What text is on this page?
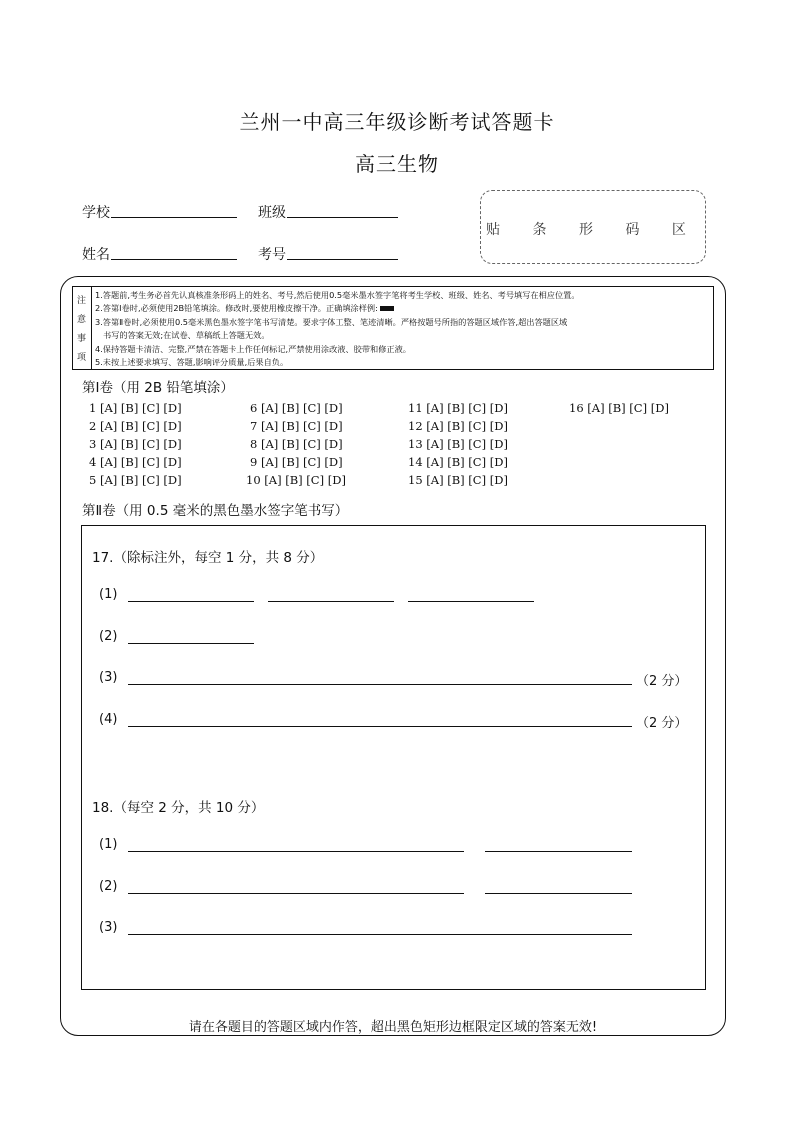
兰州一中高三年级诊断考试答题卡
高三生物
学校	班级
姓名	考号
贴 条 形 码 区
注
意
事
项
1.答题前,考生务必首先认真核准条形码上的姓名、考号,然后使用0.5毫米墨水签字笔将考生学校、班级、姓名、考号填写在相应位置。
2.答第Ⅰ卷时,必须使用2B铅笔填涂。修改时,要使用橡皮擦干净。正确填涂样例:
3.答第Ⅱ卷时,必须使用0.5毫米黑色墨水签字笔书写清楚。要求字体工整、笔迹清晰。严格按题号所指的答题区域作答,超出答题区域
书写的答案无效;在试卷、草稿纸上答题无效。
4.保持答题卡清洁、完整,严禁在答题卡上作任何标记,严禁使用涂改液、胶带和修正液。
5.未按上述要求填写、答题,影响评分质量,后果自负。
第Ⅰ卷（用 2B 铅笔填涂）
1 [A] [B] [C] [D]
2 [A] [B] [C] [D]
3 [A] [B] [C] [D]
4 [A] [B] [C] [D]
5 [A] [B] [C] [D]
6 [A] [B] [C] [D]
7 [A] [B] [C] [D]
8 [A] [B] [C] [D]
9 [A] [B] [C] [D]
10 [A] [B] [C] [D]
11 [A] [B] [C] [D]
12 [A] [B] [C] [D]
13 [A] [B] [C] [D]
14 [A] [B] [C] [D]
15 [A] [B] [C] [D]
16 [A] [B] [C] [D]
第Ⅱ卷（用 0.5 毫米的黑色墨水签字笔书写）
17.（除标注外，每空 1 分，共 8 分）
(1)
(2)
(3)	（2 分）
(4)	（2 分）
18.（每空 2 分，共 10 分）
(1)
(2)
(3)
请在各题目的答题区域内作答，超出黑色矩形边框限定区域的答案无效!
